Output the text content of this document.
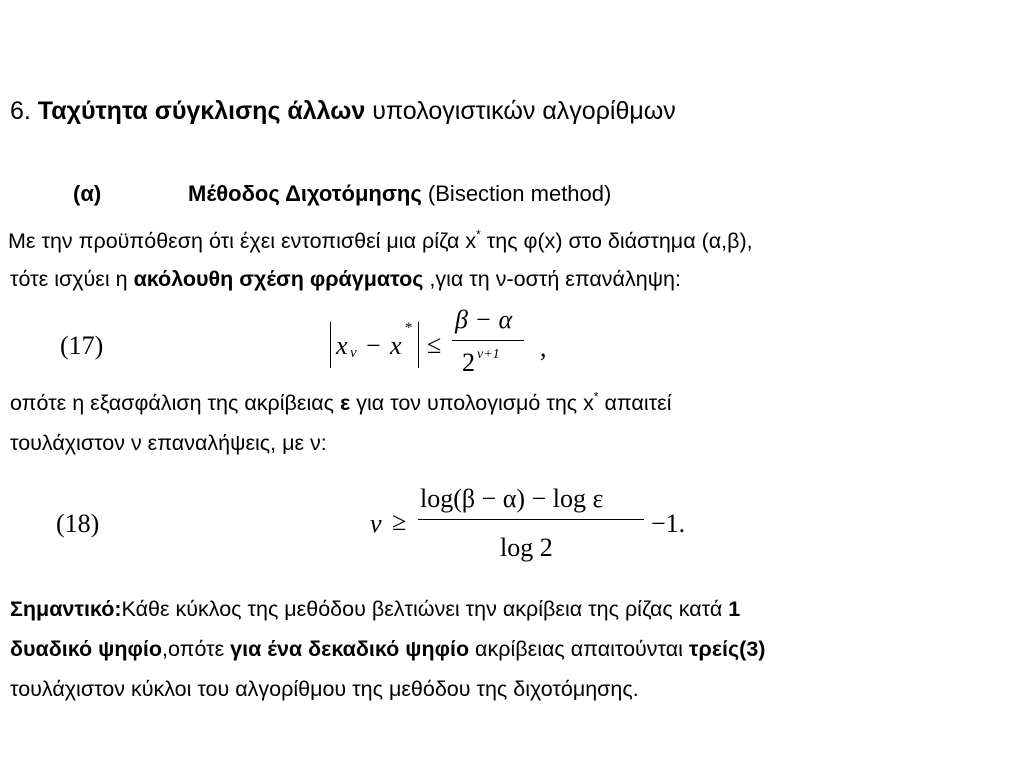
6. Ταχύτητα σύγκλισης άλλων υπολογιστικών αλγορίθμων
(α)	Μέθοδος Διχοτόμησης (Bisection method)
Με την προϋπόθεση ότι έχει εντοπισθεί μια ρίζα x* της φ(x) στο διάστημα (α,β),
τότε ισχύει η ακόλουθη σχέση φράγματος ,για τη ν-οστή επανάληψη:
(17)	x ν − x
*
≤
β − α
2 ν+1 ,
οπότε η εξασφάλιση της ακρίβειας ε για τον υπολογισμό της x* απαιτεί
τουλάχιστον ν επαναλήψεις, με ν:
(18)	ν ≥
log(β − α) − log ε
log 2
−1.
Σημαντικό:Κάθε κύκλος της μεθόδου βελτιώνει την ακρίβεια της ρίζας κατά 1
δυαδικό ψηφίο,οπότε για ένα δεκαδικό ψηφίο ακρίβειας απαιτούνται τρείς(3)
τουλάχιστον κύκλοι του αλγορίθμου της μεθόδου της διχοτόμησης.
